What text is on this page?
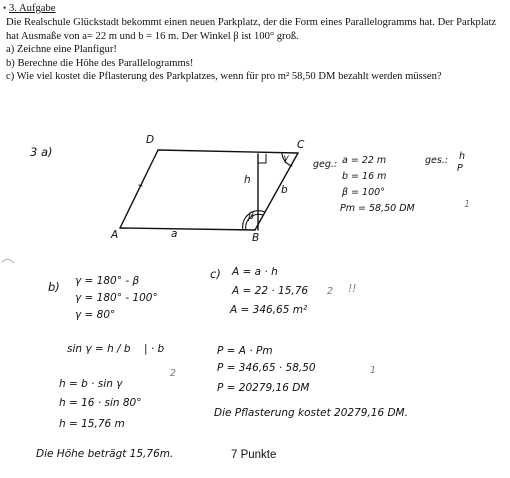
• 3. Aufgabe

Die Realschule Glückstadt bekommt einen neuen Parkplatz, der die Form eines Parallelogramms hat. Der Parkplatz hat Ausmaße von a= 22 m und b = 16 m. Der Winkel β ist 100° groß.

a) Zeichne eine Planfigur!

b) Berechne die Höhe des Parallelogramms!

c) Wie viel kostet die Pflasterung des Parkplatzes, wenn für pro m² 58,50 DM bezahlt werden müssen?

3 a)
D	C
A	B
a
b
h
β
γ
geg.: a = 22 m
b = 16 m
β = 100°
Pm = 58,50 DM
ges.: h
P
1
b) γ = 180° - β
γ = 180° - 100°
γ = 80°
sin γ = h / b | · b
2
h = b · sin γ
h = 16 · sin 80°
h = 15,76 m
Die Höhe beträgt 15,76m.
c) A = a · h
A = 22 · 15,76
A = 346,65 m²
2 !!
P = A · Pm
P = 346,65 · 58,50
P = 20279,16 DM
1
Die Pflasterung kostet 20279,16 DM.
7 Punkte
